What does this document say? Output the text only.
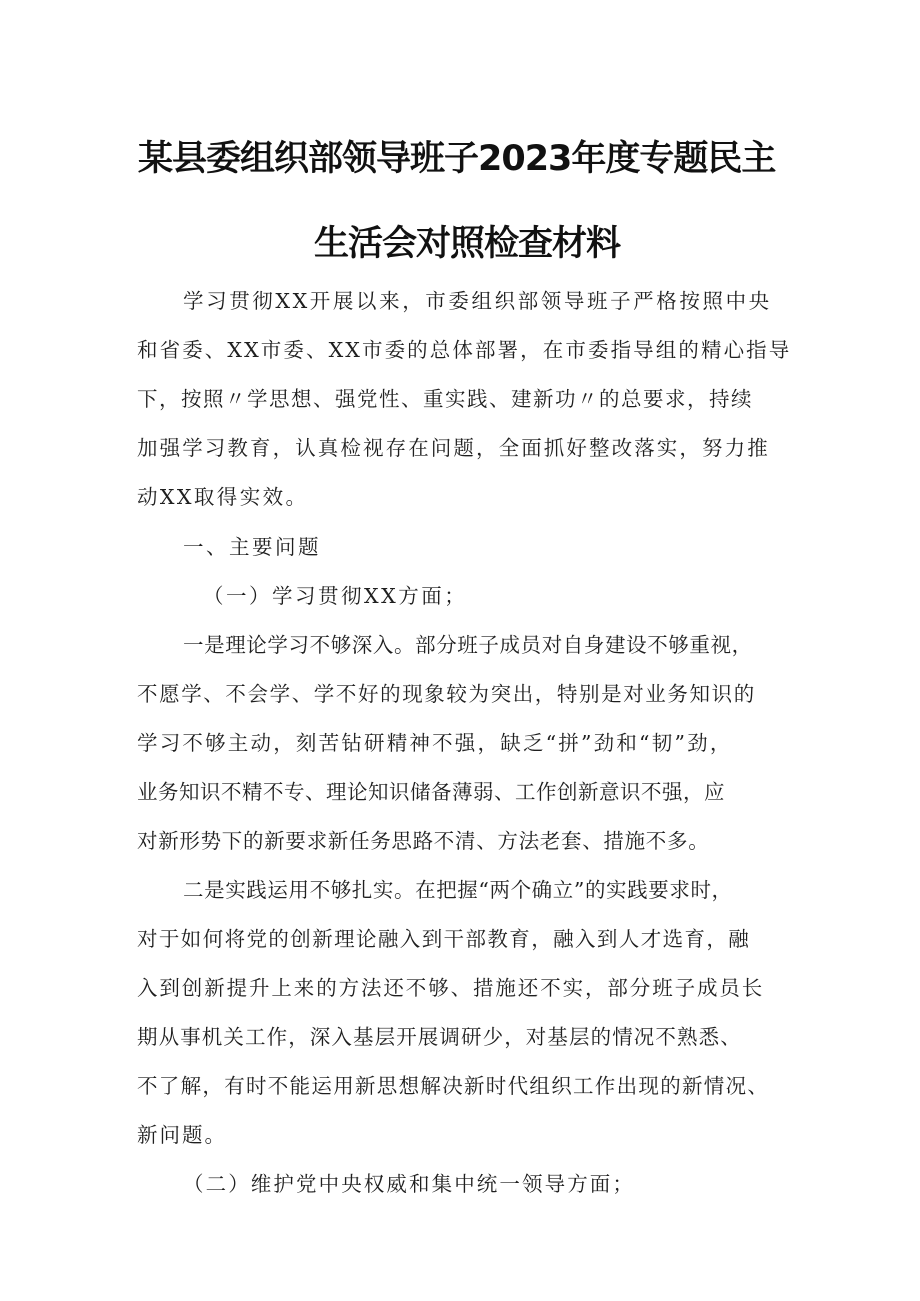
某县委组织部领导班子2023年度专题民主
生活会对照检查材料

学习贯彻XX开展以来，市委组织部领导班子严格按照中央

和省委、XX市委、XX市委的总体部署，在市委指导组的精心指导

下，按照〃学思想、强党性、重实践、建新功〃的总要求，持续

加强学习教育，认真检视存在问题，全面抓好整改落实，努力推

动XX取得实效。

一、主要问题

（一）学习贯彻XX方面；

一是理论学习不够深入。部分班子成员对自身建设不够重视，

不愿学、不会学、学不好的现象较为突出，特别是对业务知识的

学习不够主动，刻苦钻研精神不强，缺乏“拼”劲和“韧”劲，

业务知识不精不专、理论知识储备薄弱、工作创新意识不强，应

对新形势下的新要求新任务思路不清、方法老套、措施不多。

二是实践运用不够扎实。在把握“两个确立”的实践要求时，

对于如何将党的创新理论融入到干部教育，融入到人才选育，融

入到创新提升上来的方法还不够、措施还不实，部分班子成员长

期从事机关工作，深入基层开展调研少，对基层的情况不熟悉、

不了解，有时不能运用新思想解决新时代组织工作出现的新情况、

新问题。

（二）维护党中央权威和集中统一领导方面；
